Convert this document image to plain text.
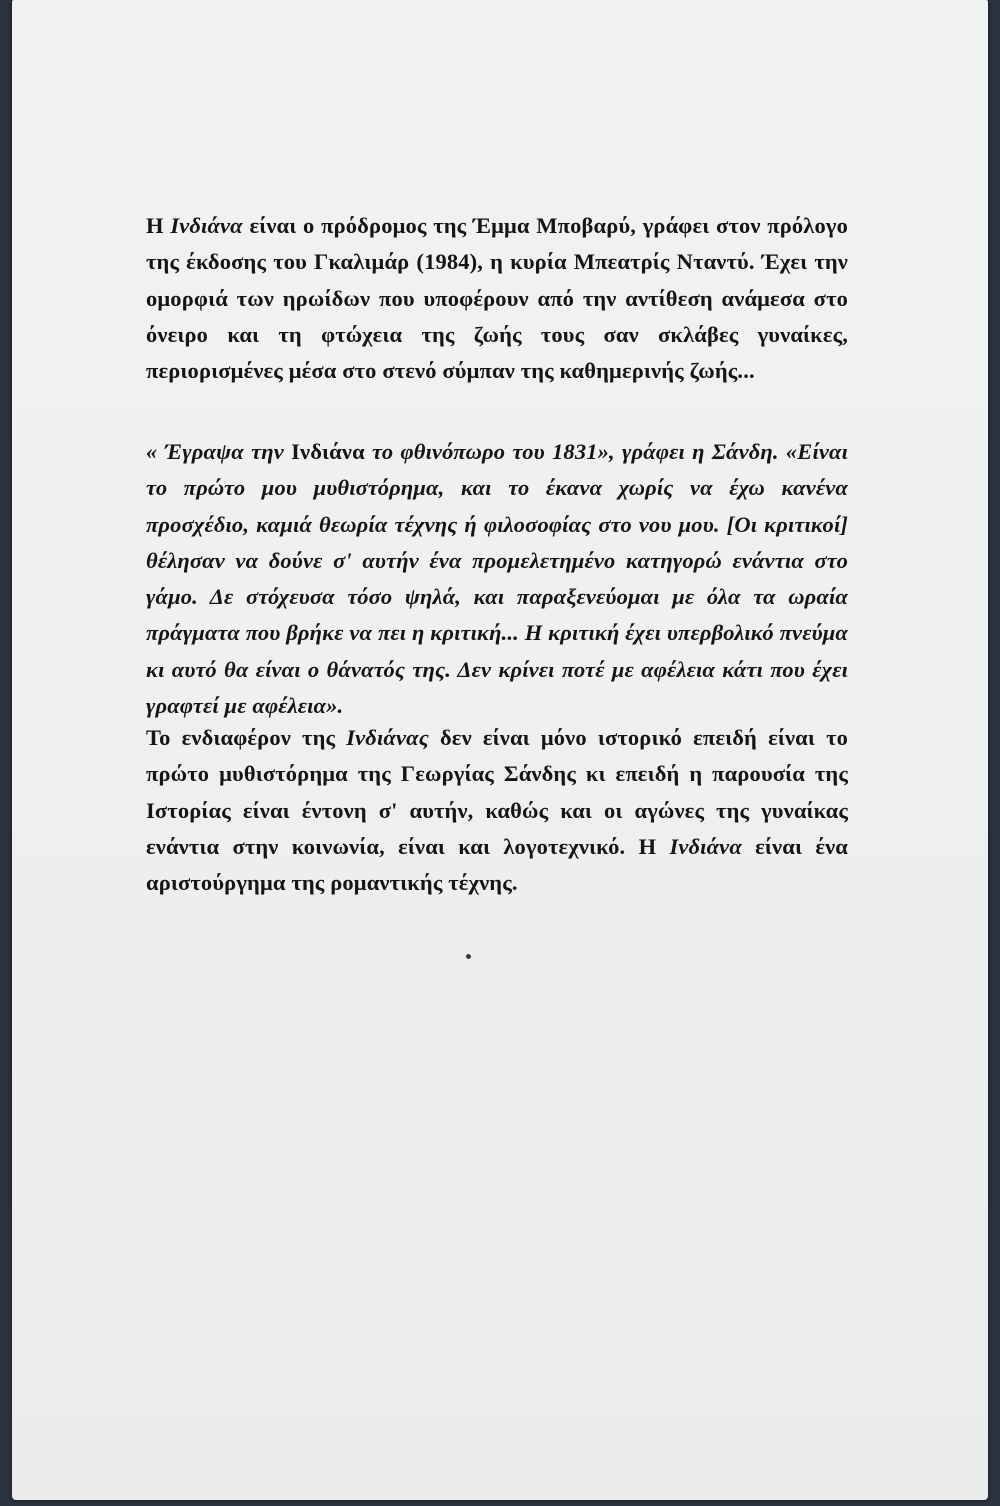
Η Ινδιάνα είναι ο πρόδρομος της Έμμα Μποβαρύ, γράφει στον πρόλογο της έκδοσης του Γκαλιμάρ (1984), η κυρία Μπεατρίς Νταντύ. Έχει την ομορφιά των ηρωίδων που υποφέρουν από την αντίθεση ανάμεσα στο όνειρο και τη φτώχεια της ζωής τους σαν σκλάβες γυναίκες, περιορισμένες μέσα στο στενό σύμπαν της καθημερινής ζωής...
« Έγραψα την Ινδιάνα το φθινόπωρο του 1831», γράφει η Σάνδη. «Είναι το πρώτο μου μυθιστόρημα, και το έκανα χωρίς να έχω κανένα προσχέδιο, καμιά θεωρία τέχνης ή φιλοσοφίας στο νου μου. [Οι κριτικοί] θέλησαν να δούνε σ' αυτήν ένα προμελετημένο κατηγορώ ενάντια στο γάμο. Δε στόχευσα τόσο ψηλά, και παραξενεύομαι με όλα τα ωραία πράγματα που βρήκε να πει η κριτική... Η κριτική έχει υπερβολικό πνεύμα κι αυτό θα είναι ο θάνατός της. Δεν κρίνει ποτέ με αφέλεια κάτι που έχει γραφτεί με αφέλεια».
Το ενδιαφέρον της Ινδιάνας δεν είναι μόνο ιστορικό επειδή είναι το πρώτο μυθιστόρημα της Γεωργίας Σάνδης κι επειδή η παρουσία της Ιστορίας είναι έντονη σ' αυτήν, καθώς και οι αγώνες της γυναίκας ενάντια στην κοινωνία, είναι και λογοτεχνικό. Η Ινδιάνα είναι ένα αριστούργημα της ρομαντικής τέχνης.
